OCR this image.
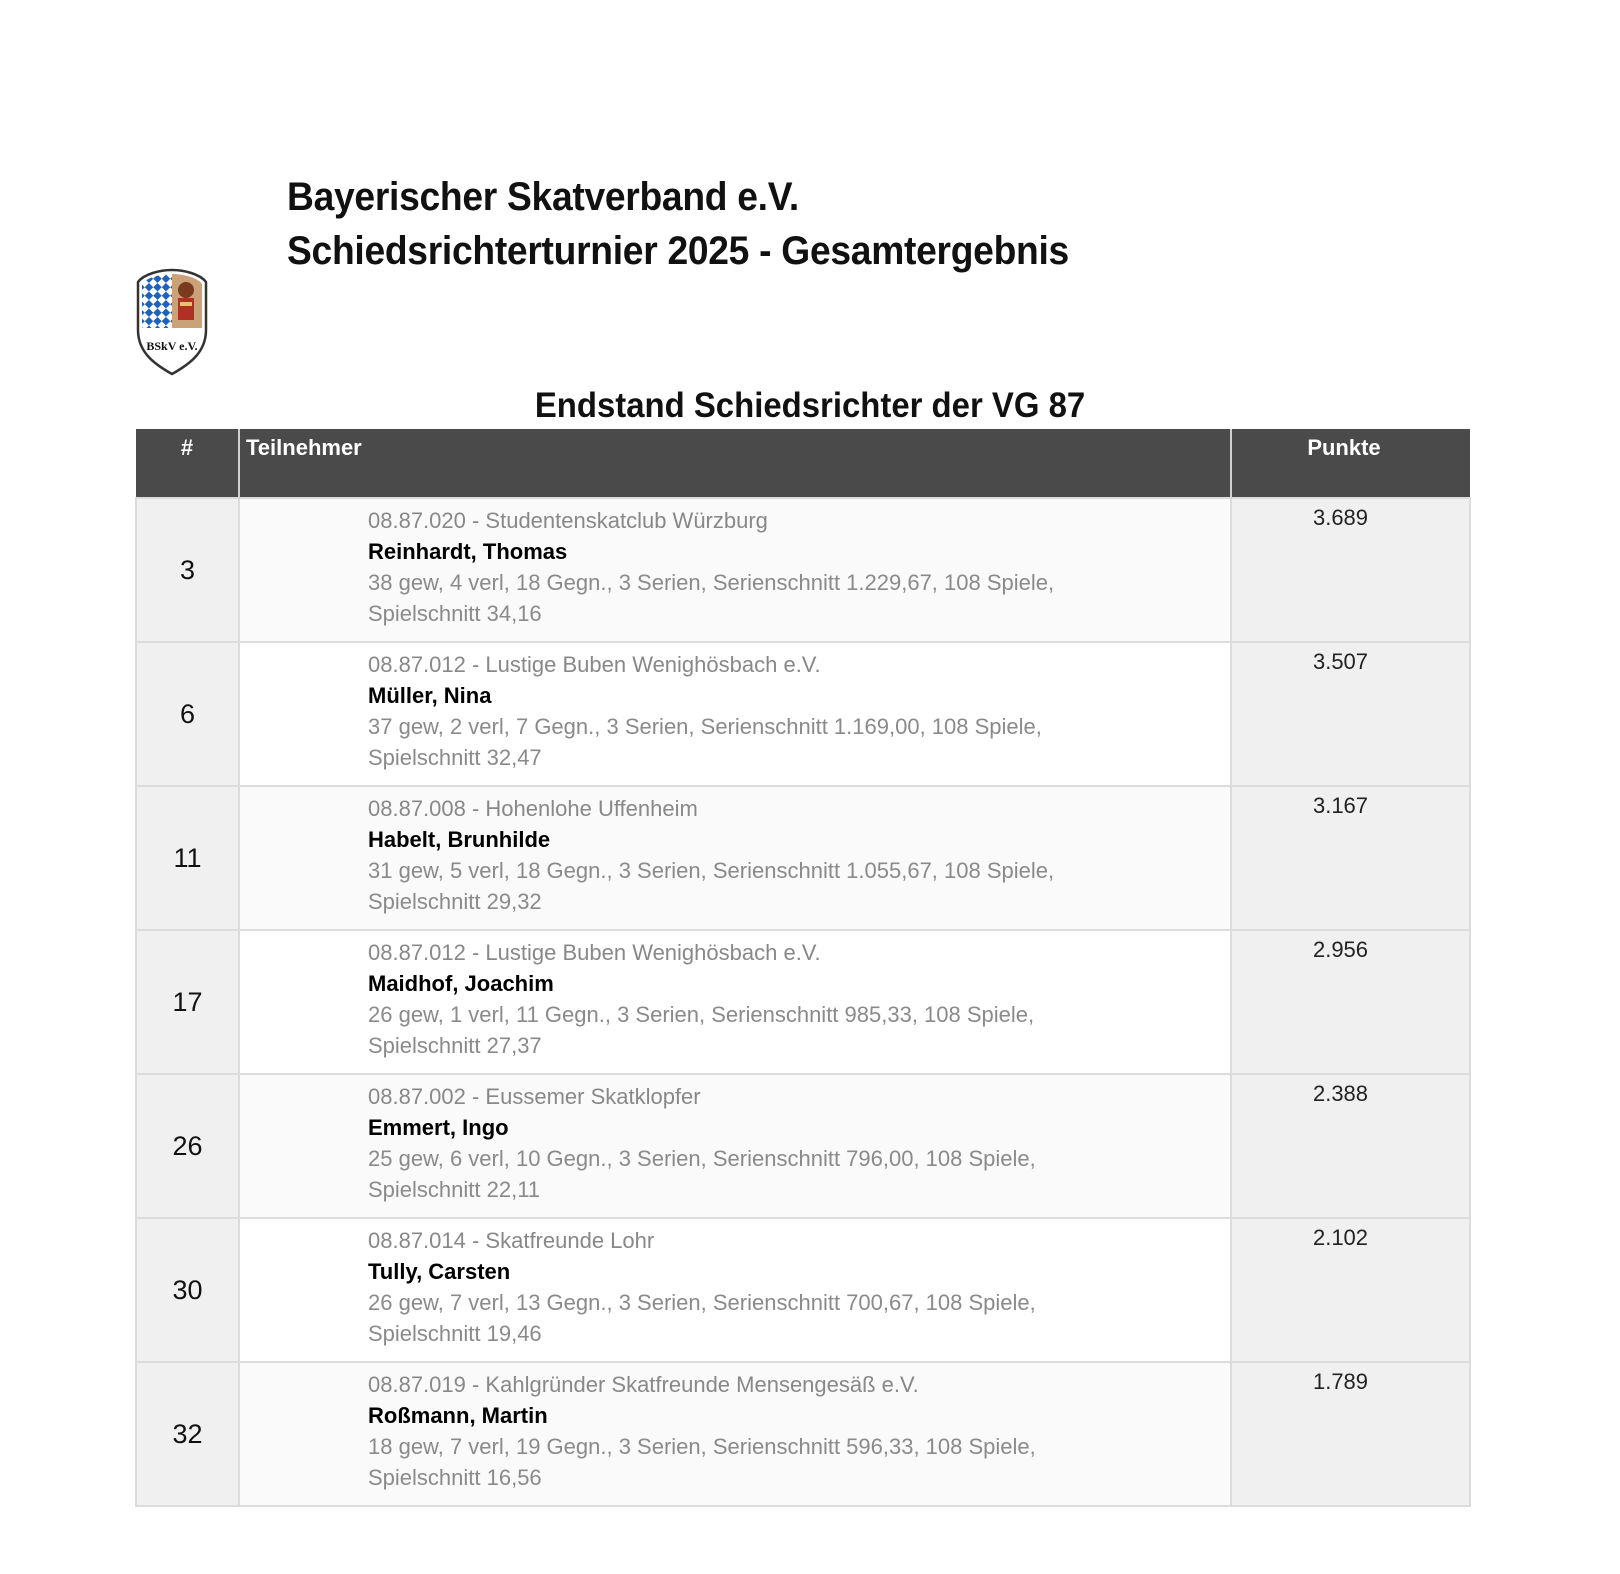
Bayerischer Skatverband e.V.
Schiedsrichterturnier 2025 - Gesamtergebnis
BSkV e.V.
Endstand Schiedsrichter der VG 87
#	Teilnehmer	Punkte
3	08.87.020 - Studentenskatclub Würzburg
Reinhardt, Thomas
38 gew, 4 verl, 18 Gegn., 3 Serien, Serienschnitt 1.229,67, 108 Spiele, Spielschnitt 34,16	3.689
6	08.87.012 - Lustige Buben Wenighösbach e.V.
Müller, Nina
37 gew, 2 verl, 7 Gegn., 3 Serien, Serienschnitt 1.169,00, 108 Spiele, Spielschnitt 32,47	3.507
11	08.87.008 - Hohenlohe Uffenheim
Habelt, Brunhilde
31 gew, 5 verl, 18 Gegn., 3 Serien, Serienschnitt 1.055,67, 108 Spiele, Spielschnitt 29,32	3.167
17	08.87.012 - Lustige Buben Wenighösbach e.V.
Maidhof, Joachim
26 gew, 1 verl, 11 Gegn., 3 Serien, Serienschnitt 985,33, 108 Spiele, Spielschnitt 27,37	2.956
26	08.87.002 - Eussemer Skatklopfer
Emmert, Ingo
25 gew, 6 verl, 10 Gegn., 3 Serien, Serienschnitt 796,00, 108 Spiele, Spielschnitt 22,11	2.388
30	08.87.014 - Skatfreunde Lohr
Tully, Carsten
26 gew, 7 verl, 13 Gegn., 3 Serien, Serienschnitt 700,67, 108 Spiele, Spielschnitt 19,46	2.102
32	08.87.019 - Kahlgründer Skatfreunde Mensengesäß e.V.
Roßmann, Martin
18 gew, 7 verl, 19 Gegn., 3 Serien, Serienschnitt 596,33, 108 Spiele, Spielschnitt 16,56	1.789
